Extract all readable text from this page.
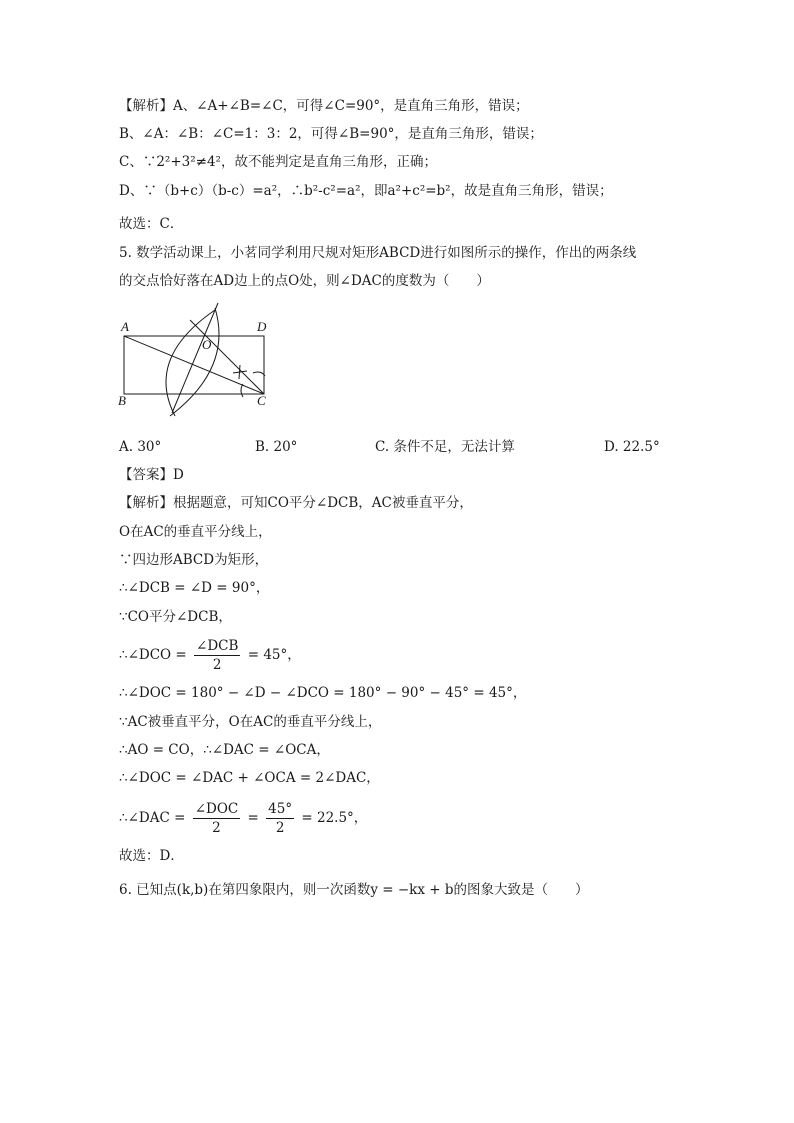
【解析】A、∠A+∠B=∠C，可得∠C=90°，是直角三角形，错误；
B、∠A：∠B：∠C=1：3：2，可得∠B=90°，是直角三角形，错误；
C、∵2²+3²≠4²，故不能判定是直角三角形，正确；
D、∵（b+c）（b-c）=a²，∴b²-c²=a²，即a²+c²=b²，故是直角三角形，错误；
故选：C．
5. 数学活动课上，小茗同学利用尺规对矩形ABCD进行如图所示的操作，作出的两条线
的交点恰好落在AD边上的点O处，则∠DAC的度数为（　　）
A	D
B	C
O
A. 30°	B. 20°	C. 条件不足，无法计算	D. 22.5°
【答案】D
【解析】根据题意，可知CO平分∠DCB，AC被垂直平分，
O在AC的垂直平分线上，
∵四边形ABCD为矩形，
∴∠DCB = ∠D = 90°，
∵CO平分∠DCB，
∴∠DCO = $\frac{\text{∠DCB}}{2} = 45^\circ$，
∴∠DOC = 180° − ∠D − ∠DCO = 180° − 90° − 45° = 45°，
∵AC被垂直平分，O在AC的垂直平分线上，
∴AO = CO，∴∠DAC = ∠OCA，
∴∠DOC = ∠DAC + ∠OCA = 2∠DAC，
∴∠DAC = $\frac{\text{∠DOC}}{2} = \frac{45^\circ}{2} = 22.5^\circ$，
故选：D．
6. 已知点(k,b)在第四象限内，则一次函数y = −kx + b的图象大致是（　　）
